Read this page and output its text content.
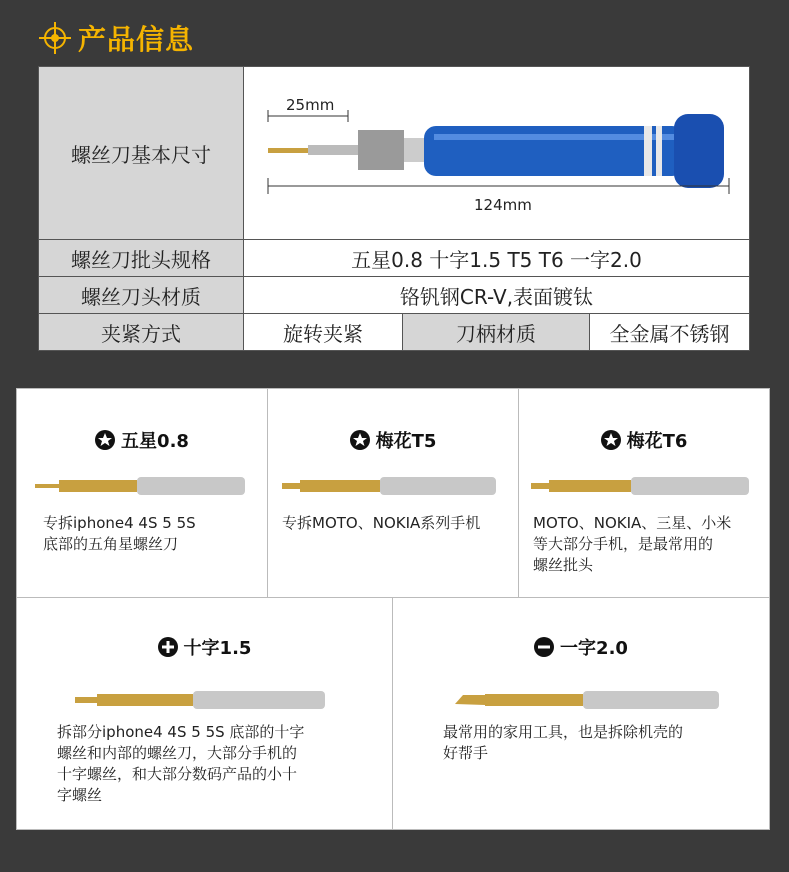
产品信息
螺丝刀基本尺寸	25mm
124mm		

螺丝刀批头规格	五星0.8 十字1.5 T5 T6 一字2.0		
螺丝刀头材质	铬钒钢CR-V,表面镀钛		
夹紧方式	旋转夹紧	刀柄材质	全金属不锈钢
五星0.8
专拆iphone4 4S 5 5S
底部的五角星螺丝刀
梅花T5
专拆MOTO、NOKIA系列手机
梅花T6
MOTO、NOKIA、三星、小米
等大部分手机，是最常用的
螺丝批头
十字1.5
拆部分iphone4 4S 5 5S 底部的十字
螺丝和内部的螺丝刀，大部分手机的
十字螺丝，和大部分数码产品的小十
字螺丝
一字2.0
最常用的家用工具，也是拆除机壳的
好帮手
